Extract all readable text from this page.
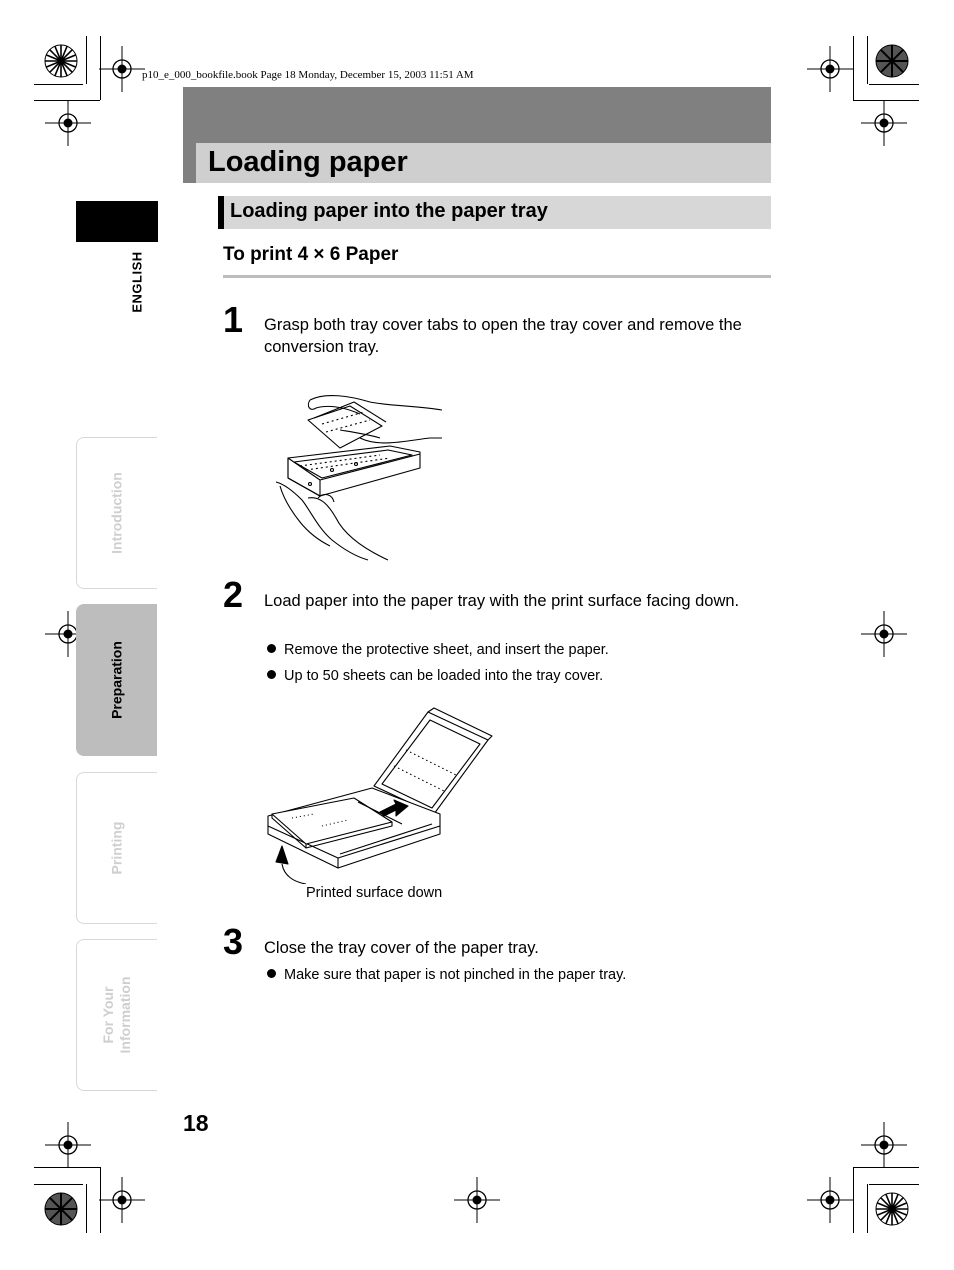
p10_e_000_bookfile.book Page 18 Monday, December 15, 2003 11:51 AM
Loading paper
Loading paper into the paper tray
To print 4 × 6 Paper
ENGLISH
Introduction
Preparation
Printing
For Your
Information
1 Grasp both tray cover tabs to open the tray cover and remove the conversion tray.
2 Load paper into the paper tray with the print surface facing down.
Remove the protective sheet, and insert the paper.
Up to 50 sheets can be loaded into the tray cover.
Printed surface down
3 Close the tray cover of the paper tray.
Make sure that paper is not pinched in the paper tray.
18
